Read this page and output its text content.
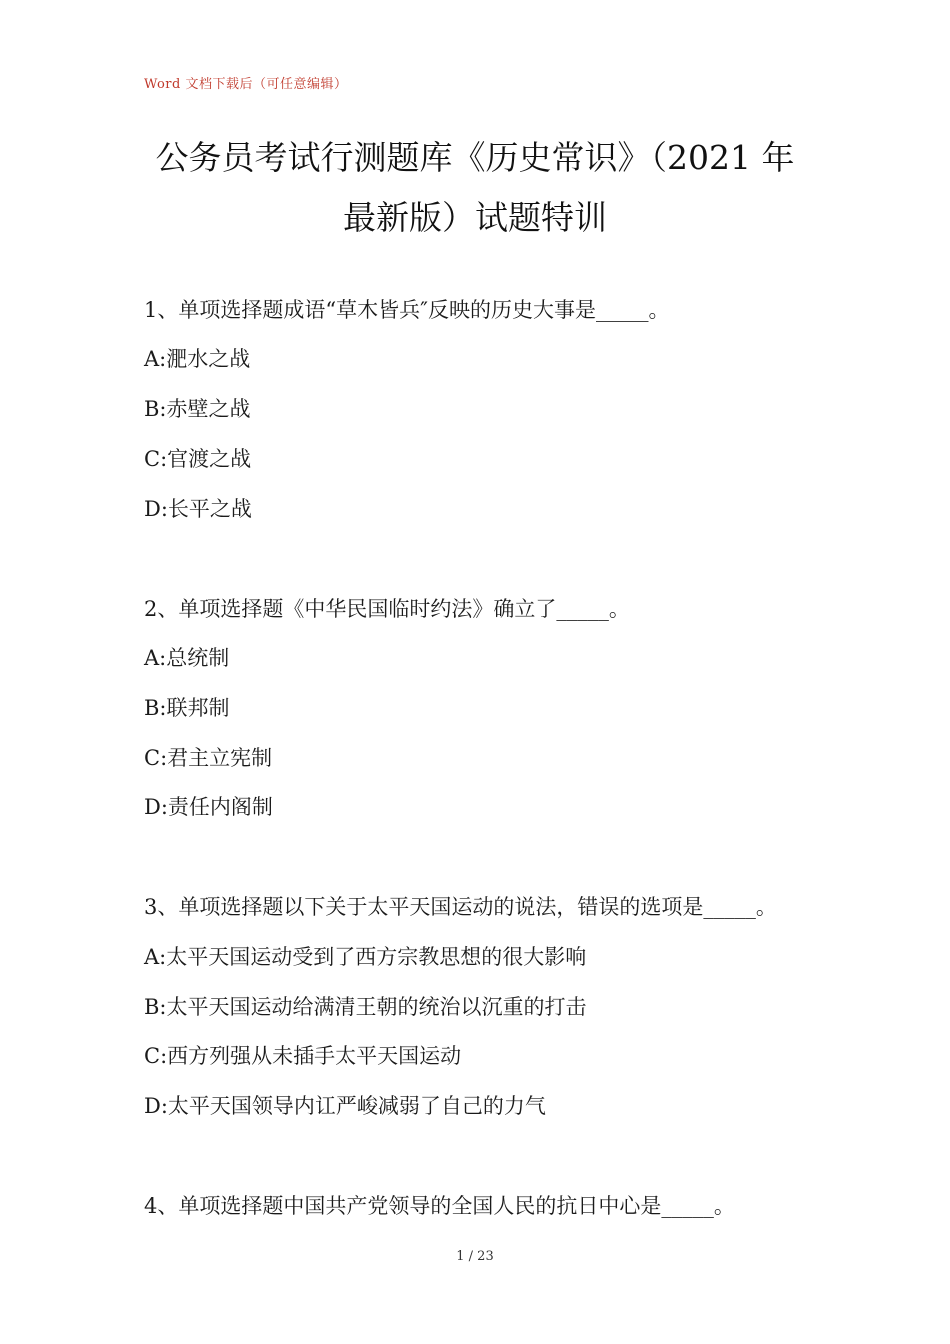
Word 文档下载后（可任意编辑）
公务员考试行测题库《历史常识》（2021 年
最新版）试题特训
1、单项选择题成语“草木皆兵″反映的历史大事是_____。
A:淝水之战
B:赤壁之战
C:官渡之战
D:长平之战
2、单项选择题《中华民国临时约法》确立了_____。
A:总统制
B:联邦制
C:君主立宪制
D:责任内阁制
3、单项选择题以下关于太平天国运动的说法，错误的选项是_____。
A:太平天国运动受到了西方宗教思想的很大影响
B:太平天国运动给满清王朝的统治以沉重的打击
C:西方列强从未插手太平天国运动
D:太平天国领导内讧严峻减弱了自己的力气
4、单项选择题中国共产党领导的全国人民的抗日中心是_____。
1 / 23
